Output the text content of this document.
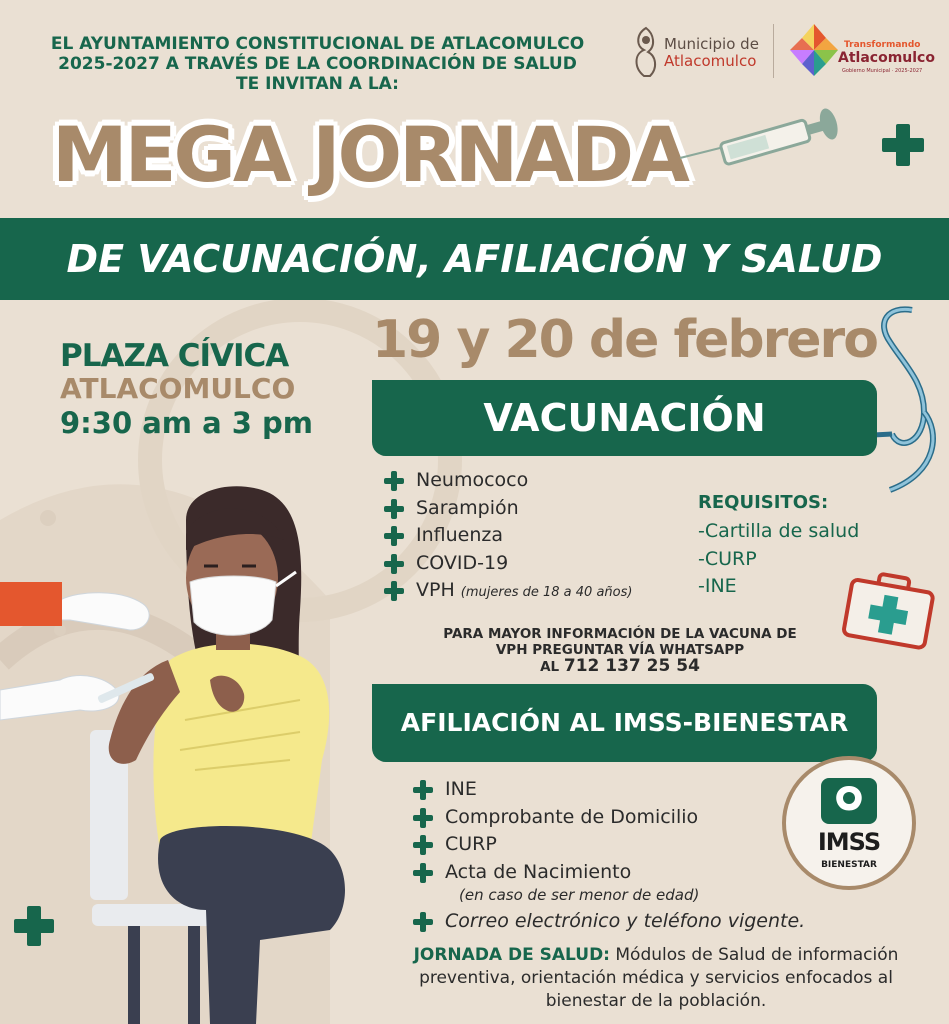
EL AYUNTAMIENTO CONSTITUCIONAL DE ATLACOMULCO
2025-2027 A TRAVÉS DE LA COORDINACIÓN DE SALUD
TE INVITAN A LA:
Municipio de
Atlacomulco
Transformando
Atlacomulco
Gobierno Municipal · 2025-2027
MEGA JORNADA
DE VACUNACIÓN, AFILIACIÓN Y SALUD
PLAZA CÍVICA
ATLACOMULCO
9:30 am a 3 pm
19 y 20 de febrero
VACUNACIÓN
Neumococo
Sarampión
Influenza
COVID-19
VPH (mujeres de 18 a 40 años)
REQUISITOS:
-Cartilla de salud
-CURP
-INE
PARA MAYOR INFORMACIÓN DE LA VACUNA DE
VPH PREGUNTAR VÍA WHATSAPP
AL 712 137 25 54
AFILIACIÓN AL IMSS-BIENESTAR
INE
Comprobante de Domicilio
CURP
Acta de Nacimiento
(en caso de ser menor de edad)
Correo electrónico y teléfono vigente.
IMSS
BIENESTAR
JORNADA DE SALUD: Módulos de Salud de información
preventiva, orientación médica y servicios enfocados al
bienestar de la población.
